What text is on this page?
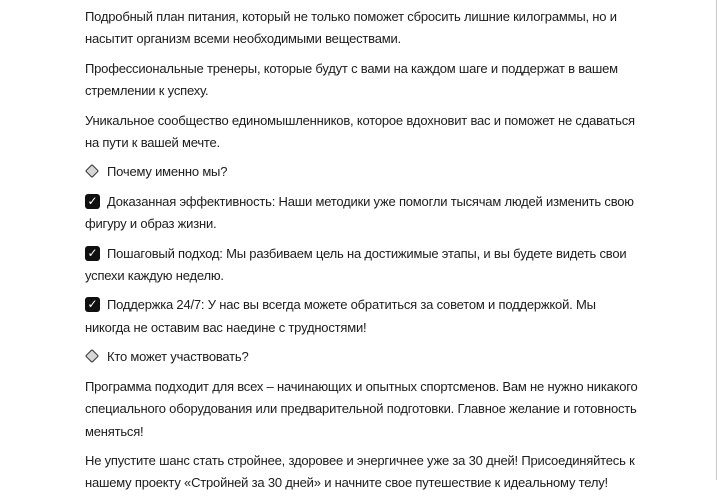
Подробный план питания, который не только поможет сбросить лишние килограммы, но и
насытит организм всеми необходимыми веществами.
Профессиональные тренеры, которые будут с вами на каждом шаге и поддержат в вашем
стремлении к успеху.
Уникальное сообщество единомышленников, которое вдохновит вас и поможет не сдаваться
на пути к вашей мечте.
Почему именно мы?
✓ Доказанная эффективность: Наши методики уже помогли тысячам людей изменить свою
фигуру и образ жизни.
✓ Пошаговый подход: Мы разбиваем цель на достижимые этапы, и вы будете видеть свои
успехи каждую неделю.
✓ Поддержка 24/7: У нас вы всегда можете обратиться за советом и поддержкой. Мы
никогда не оставим вас наедине с трудностями!
Кто может участвовать?
Программа подходит для всех – начинающих и опытных спортсменов. Вам не нужно никакого
специального оборудования или предварительной подготовки. Главное желание и готовность
меняться!
Не упустите шанс стать стройнее, здоровее и энергичнее уже за 30 дней! Присоединяйтесь к
нашему проекту «Стройней за 30 дней» и начните свое путешествие к идеальному телу!
